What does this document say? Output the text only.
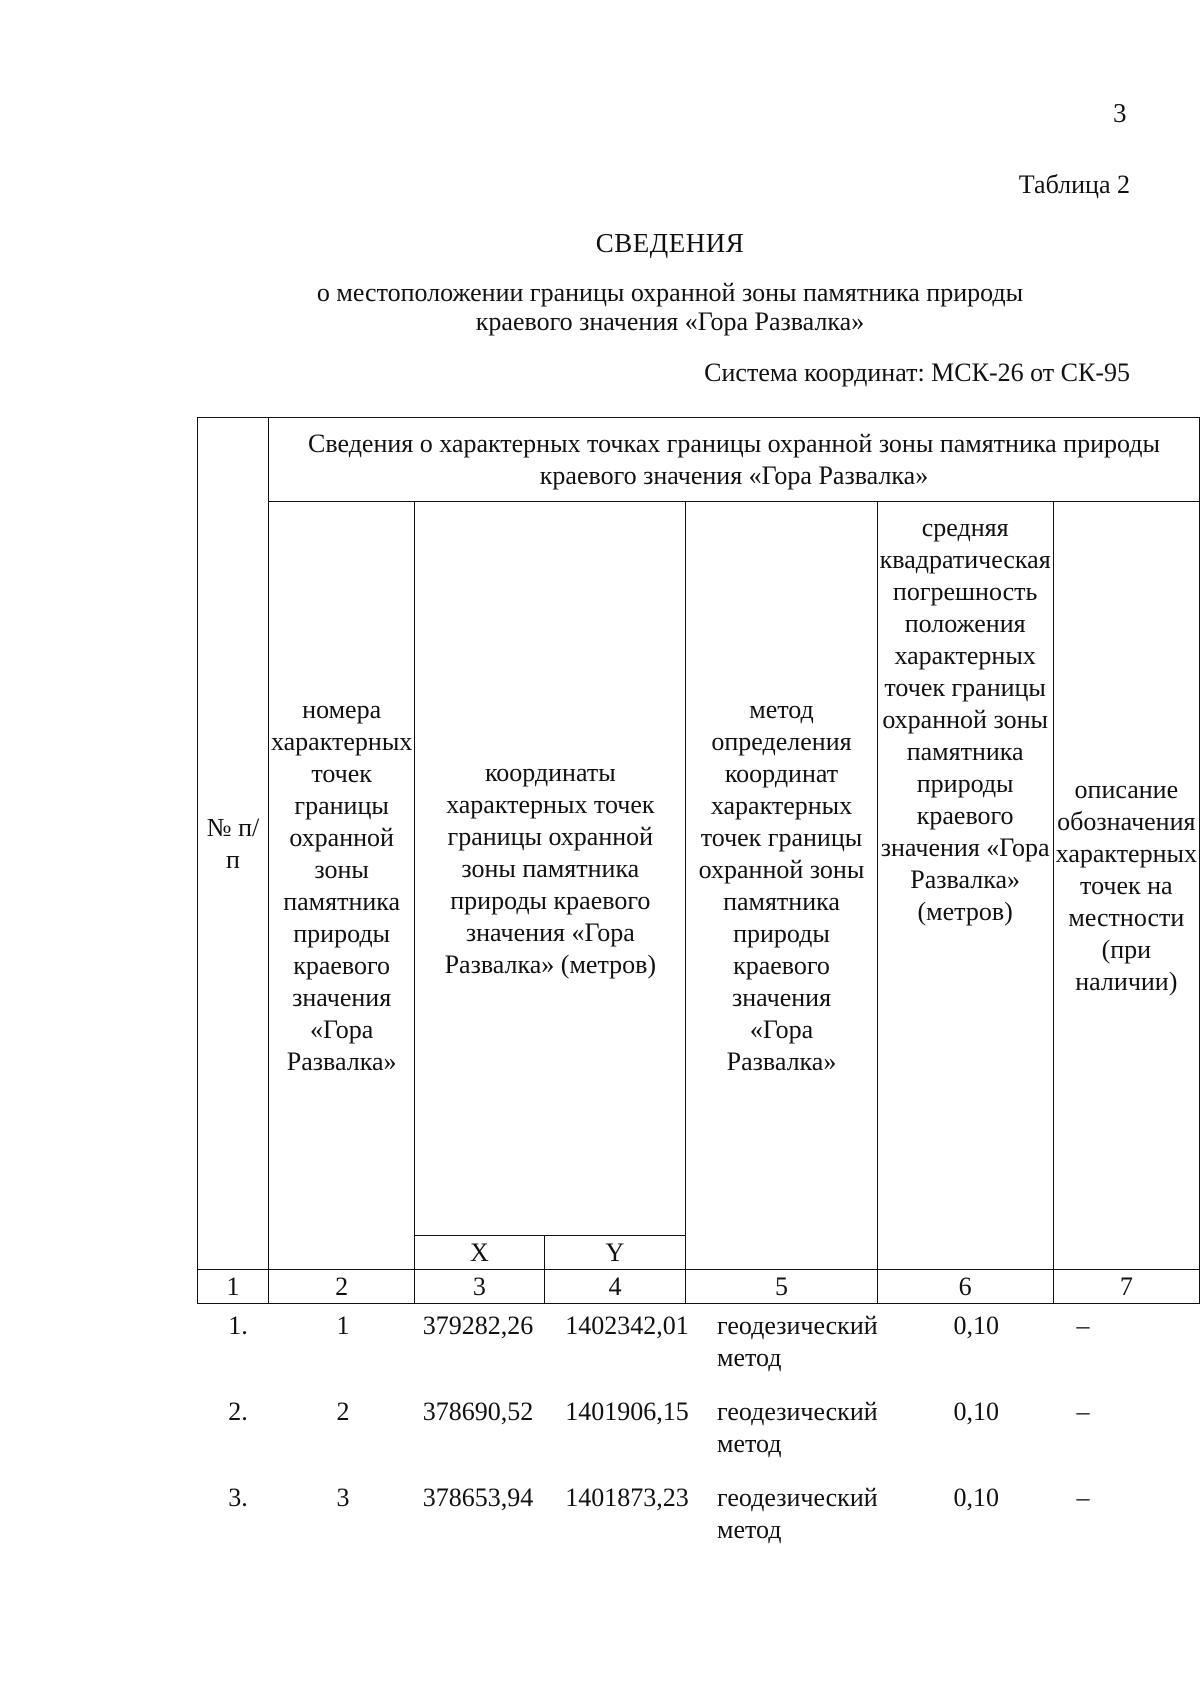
3
Таблица 2
СВЕДЕНИЯ
о местоположении границы охранной зоны памятника природы
краевого значения «Гора Развалка»
Система координат: МСК-26 от СК-95
№ п/п	Сведения о характерных точках границы охранной зоны памятника природы краевого значения «Гора Развалка»					
	номера характерных точек границы охранной зоны памятника природы краевого значения «Гора Развалка»	координаты характерных точек границы охранной зоны памятника природы краевого значения «Гора Развалка» (метров)		метод определения координат характерных точек границы охранной зоны памятника природы краевого значения «Гора Развалка»	средняя квадратическая погрешность положения характерных точек границы охранной зоны памятника природы краевого значения «Гора Развалка» (метров)	описание обозначения характерных точек на местности (при наличии)
		X	Y			
1	2	3	4	5	6	7
1.	1	379282,26	1402342,01	геодезический метод	0,10	–
2.	2	378690,52	1401906,15	геодезический метод	0,10	–
3.	3	378653,94	1401873,23	геодезический метод	0,10	–
